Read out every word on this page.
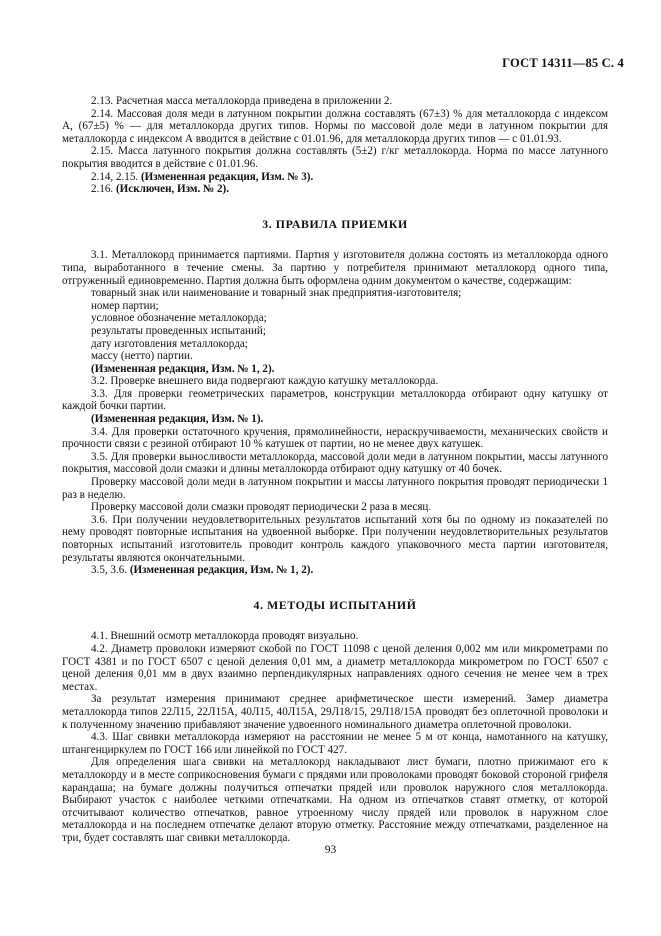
ГОСТ 14311—85 С. 4

2.13. Расчетная масса металлокорда приведена в приложении 2.

2.14. Массовая доля меди в латунном покрытии должна составлять (67±3) % для металлокорда с индексом А, (67±5) % — для металлокорда других типов. Нормы по массовой доле меди в латунном покрытии для металлокорда с индексом А вводится в действие с 01.01.96, для металлокорда других типов — с 01.01.93.

2.15. Масса латунного покрытия должна составлять (5±2) г/кг металлокорда. Норма по массе латунного покрытия вводится в действие с 01.01.96.

2.14, 2.15. (Измененная редакция, Изм. № 3).

2.16. (Исключен, Изм. № 2).

3. ПРАВИЛА ПРИЕМКИ

3.1. Металлокорд принимается партиями. Партия у изготовителя должна состоять из металлокорда одного типа, выработанного в течение смены. За партию у потребителя принимают металлокорд одного типа, отгруженный единовременно. Партия должна быть оформлена одним документом о качестве, содержащим:

товарный знак или наименование и товарный знак предприятия-изготовителя;

номер партии;

условное обозначение металлокорда;

результаты проведенных испытаний;

дату изготовления металлокорда;

массу (нетто) партии.

(Измененная редакция, Изм. № 1, 2).

3.2. Проверке внешнего вида подвергают каждую катушку металлокорда.

3.3. Для проверки геометрических параметров, конструкции металлокорда отбирают одну катушку от каждой бочки партии.

(Измененная редакция, Изм. № 1).

3.4. Для проверки остаточного кручения, прямолинейности, нераскручиваемости, механических свойств и прочности связи с резиной отбирают 10 % катушек от партии, но не менее двух катушек.

3.5. Для проверки выносливости металлокорда, массовой доли меди в латунном покрытии, массы латунного покрытия, массовой доли смазки и длины металлокорда отбирают одну катушку от 40 бочек.

Проверку массовой доли меди в латунном покрытии и массы латунного покрытия проводят периодически 1 раз в неделю.

Проверку массовой доли смазки проводят периодически 2 раза в месяц.

3.6. При получении неудовлетворительных результатов испытаний хотя бы по одному из показателей по нему проводят повторные испытания на удвоенной выборке. При получении неудовлетворительных результатов повторных испытаний изготовитель проводит контроль каждого упаковочного места партии изготовителя, результаты являются окончательными.

3.5, 3.6. (Измененная редакция, Изм. № 1, 2).

4. МЕТОДЫ ИСПЫТАНИЙ

4.1. Внешний осмотр металлокорда проводят визуально.

4.2. Диаметр проволоки измеряют скобой по ГОСТ 11098 с ценой деления 0,002 мм или микрометрами по ГОСТ 4381 и по ГОСТ 6507 с ценой деления 0,01 мм, а диаметр металлокорда микрометром по ГОСТ 6507 с ценой деления 0,01 мм в двух взаимно перпендикулярных направлениях одного сечения не менее чем в трех местах.

За результат измерения принимают среднее арифметическое шести измерений. Замер диаметра металлокорда типов 22Л15, 22Л15А, 40Л15, 40Л15А, 29Л18/15, 29Л18/15А проводят без оплеточной проволоки и к полученному значению прибавляют значение удвоенного номинального диаметра оплеточной проволоки.

4.3. Шаг свивки металлокорда измеряют на расстоянии не менее 5 м от конца, намотанного на катушку, штангенциркулем по ГОСТ 166 или линейкой по ГОСТ 427.

Для определения шага свивки на металлокорд накладывают лист бумаги, плотно прижимают его к металлокорду и в месте соприкосновения бумаги с прядями или проволоками проводят боковой стороной грифеля карандаша; на бумаге должны получиться отпечатки прядей или проволок наружного слоя металлокорда. Выбирают участок с наиболее четкими отпечатками. На одном из отпечатков ставят отметку, от которой отсчитывают количество отпечатков, равное утроенному числу прядей или проволок в наружном слое металлокорда и на последнем отпечатке делают вторую отметку. Расстояние между отпечатками, разделенное на три, будет составлять шаг свивки металлокорда.

93
